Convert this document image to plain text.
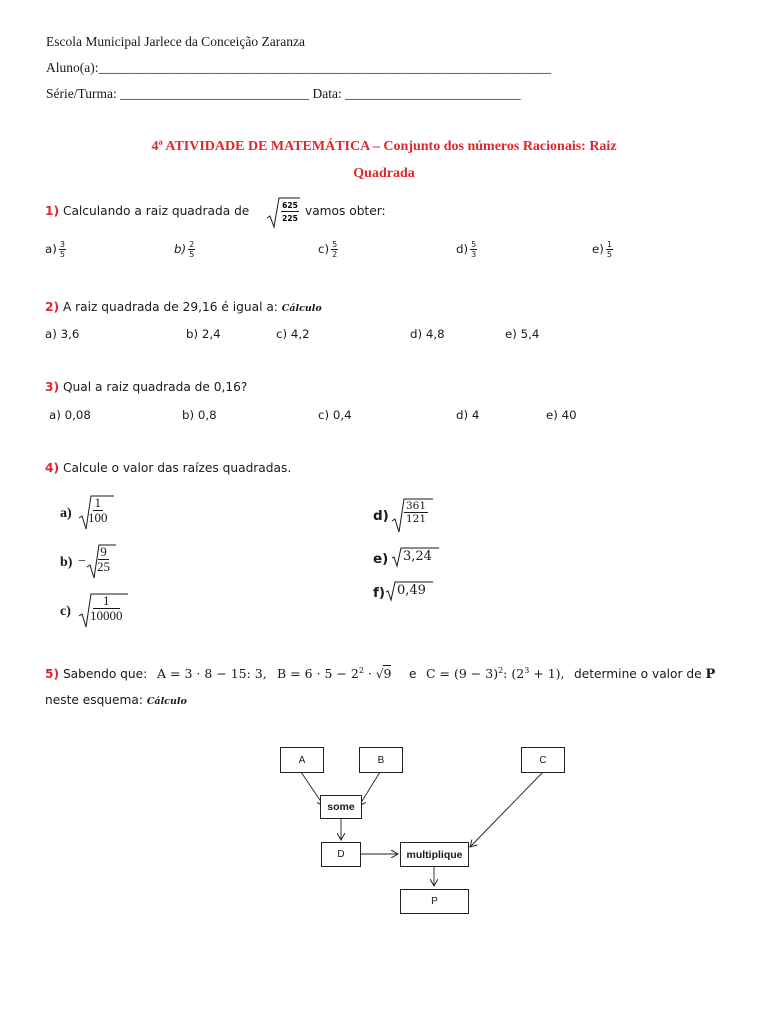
Escola Municipal Jarlece da Conceição Zaranza
Aluno(a):___________________________________________________________________
Série/Turma: ____________________________ Data: __________________________
4ª ATIVIDADE DE MATEMÁTICA – Conjunto dos números Racionais: Raiz
Quadrada
1) Calculando a raiz quadrada de	625
225
vamos obter:
$a) \frac{3}{5}$	$b) \frac{2}{5}$	$c) \frac{5}{2}$	$d) \frac{5}{3}$	$e) \frac{1}{5}$
2) A raiz quadrada de 29,16 é igual a: Cálculo
a) 3,6	b) 2,4	c) 4,2	d) 4,8	e) 5,4
3) Qual a raiz quadrada de 0,16?
a) 0,08	b) 0,8	c) 0,4	d) 4	e) 40
4) Calcule o valor das raízes quadradas.
a)
1
100
b) −
9
25
c)
1
10000
d)
361
121
e) 3,24
f) 0,49
5) Sabendo que: A = 3 · 8 − 15: 3, $B = 6 \cdot 5 - 2^2 \cdot √9$ e $C = (9 - 3)^2$: $(2^3 + 1)$, determine o valor de P
neste esquema: Cálculo
A	B	C
some
D	multiplique
P
